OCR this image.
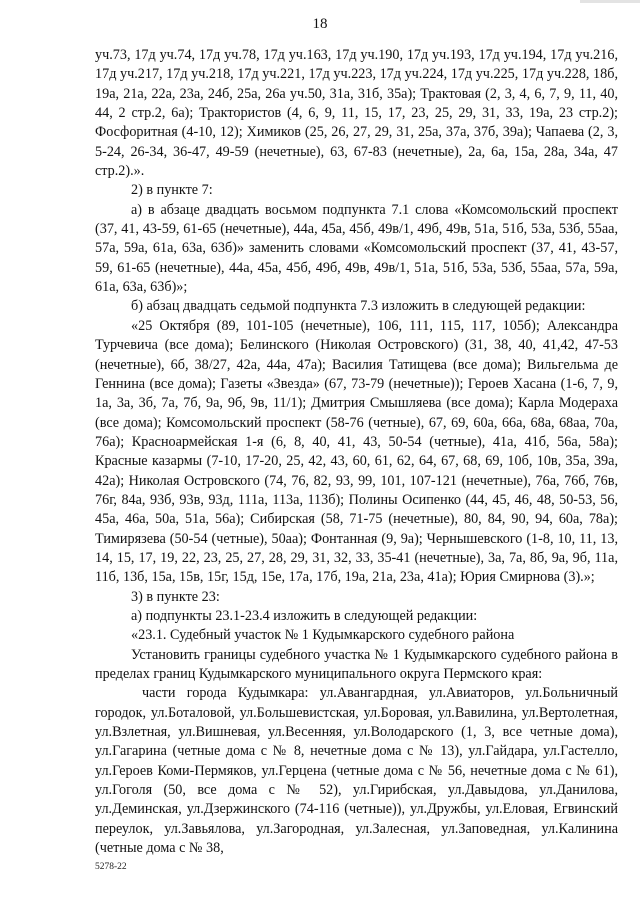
18

уч.73, 17д уч.74, 17д уч.78, 17д уч.163, 17д уч.190, 17д уч.193, 17д уч.194, 17д уч.216, 17д уч.217, 17д уч.218, 17д уч.221, 17д уч.223, 17д уч.224, 17д уч.225, 17д уч.228, 18б, 19а, 21а, 22а, 23а, 24б, 25а, 26а уч.50, 31а, 31б, 35а); Трактовая (2, 3, 4, 6, 7, 9, 11, 40, 44, 2 стр.2, 6а); Трактористов (4, 6, 9, 11, 15, 17, 23, 25, 29, 31, 33, 19а, 23 стр.2); Фосфоритная (4-10, 12); Химиков (25, 26, 27, 29, 31, 25а, 37а, 37б, 39а); Чапаева (2, 3, 5-24, 26-34, 36-47, 49-59 (нечетные), 63, 67-83 (нечетные), 2а, 6а, 15а, 28а, 34а, 47 стр.2).».

2) в пункте 7:

а) в абзаце двадцать восьмом подпункта 7.1 слова «Комсомольский проспект (37, 41, 43-59, 61-65 (нечетные), 44а, 45а, 45б, 49в/1, 49б, 49в, 51а, 51б, 53а, 53б, 55аа, 57а, 59а, 61а, 63а, 63б)» заменить словами «Комсомольский проспект (37, 41, 43-57, 59, 61-65 (нечетные), 44а, 45а, 45б, 49б, 49в, 49в/1, 51а, 51б, 53а, 53б, 55аа, 57а, 59а, 61а, 63а, 63б)»;

б) абзац двадцать седьмой подпункта 7.3 изложить в следующей редакции:

«25 Октября (89, 101-105 (нечетные), 106, 111, 115, 117, 105б); Александра Турчевича (все дома); Белинского (Николая Островского) (31, 38, 40, 41,42, 47-53 (нечетные), 6б, 38/27, 42а, 44а, 47а); Василия Татищева (все дома); Вильгельма де Геннина (все дома); Газеты «Звезда» (67, 73-79 (нечетные)); Героев Хасана (1-6, 7, 9, 1а, 3а, 3б, 7а, 7б, 9а, 9б, 9в, 11/1); Дмитрия Смышляева (все дома); Карла Модераха (все дома); Комсомольский проспект (58-76 (четные), 67, 69, 60а, 66а, 68а, 68аа, 70а, 76а); Красноармейская 1-я (6, 8, 40, 41, 43, 50-54 (четные), 41а, 41б, 56а, 58а); Красные казармы (7-10, 17-20, 25, 42, 43, 60, 61, 62, 64, 67, 68, 69, 10б, 10в, 35а, 39а, 42а); Николая Островского (74, 76, 82, 93, 99, 101, 107-121 (нечетные), 76а, 76б, 76в, 76г, 84а, 93б, 93в, 93д, 111а, 113а, 113б); Полины Осипенко (44, 45, 46, 48, 50-53, 56, 45а, 46а, 50а, 51а, 56а); Сибирская (58, 71-75 (нечетные), 80, 84, 90, 94, 60а, 78а); Тимирязева (50-54 (четные), 50аа); Фонтанная (9, 9а); Чернышевского (1-8, 10, 11, 13, 14, 15, 17, 19, 22, 23, 25, 27, 28, 29, 31, 32, 33, 35-41 (нечетные), 3а, 7а, 8б, 9а, 9б, 11а, 11б, 13б, 15а, 15в, 15г, 15д, 15е, 17а, 17б, 19а, 21а, 23а, 41а); Юрия Смирнова (3).»;

3) в пункте 23:

а) подпункты 23.1-23.4 изложить в следующей редакции:

«23.1. Судебный участок № 1 Кудымкарского судебного района

Установить границы судебного участка № 1 Кудымкарского судебного района в пределах границ Кудымкарского муниципального округа Пермского края:

части города Кудымкара: ул.Авангардная, ул.Авиаторов, ул.Больничный городок, ул.Боталовой, ул.Большевистская, ул.Боровая, ул.Вавилина, ул.Вертолетная, ул.Взлетная, ул.Вишневая, ул.Весенняя, ул.Володарского (1, 3, все четные дома), ул.Гагарина (четные дома с № 8, нечетные дома с № 13), ул.Гайдара, ул.Гастелло, ул.Героев Коми-Пермяков, ул.Герцена (четные дома с № 56, нечетные дома с № 61), ул.Гоголя (50, все дома с № 52), ул.Гирибская, ул.Давыдова, ул.Данилова, ул.Деминская, ул.Дзержинского (74-116 (четные)), ул.Дружбы, ул.Еловая, Егвинский переулок, ул.Завьялова, ул.Загородная, ул.Залесная, ул.Заповедная, ул.Калинина (четные дома с № 38,

5278-22
